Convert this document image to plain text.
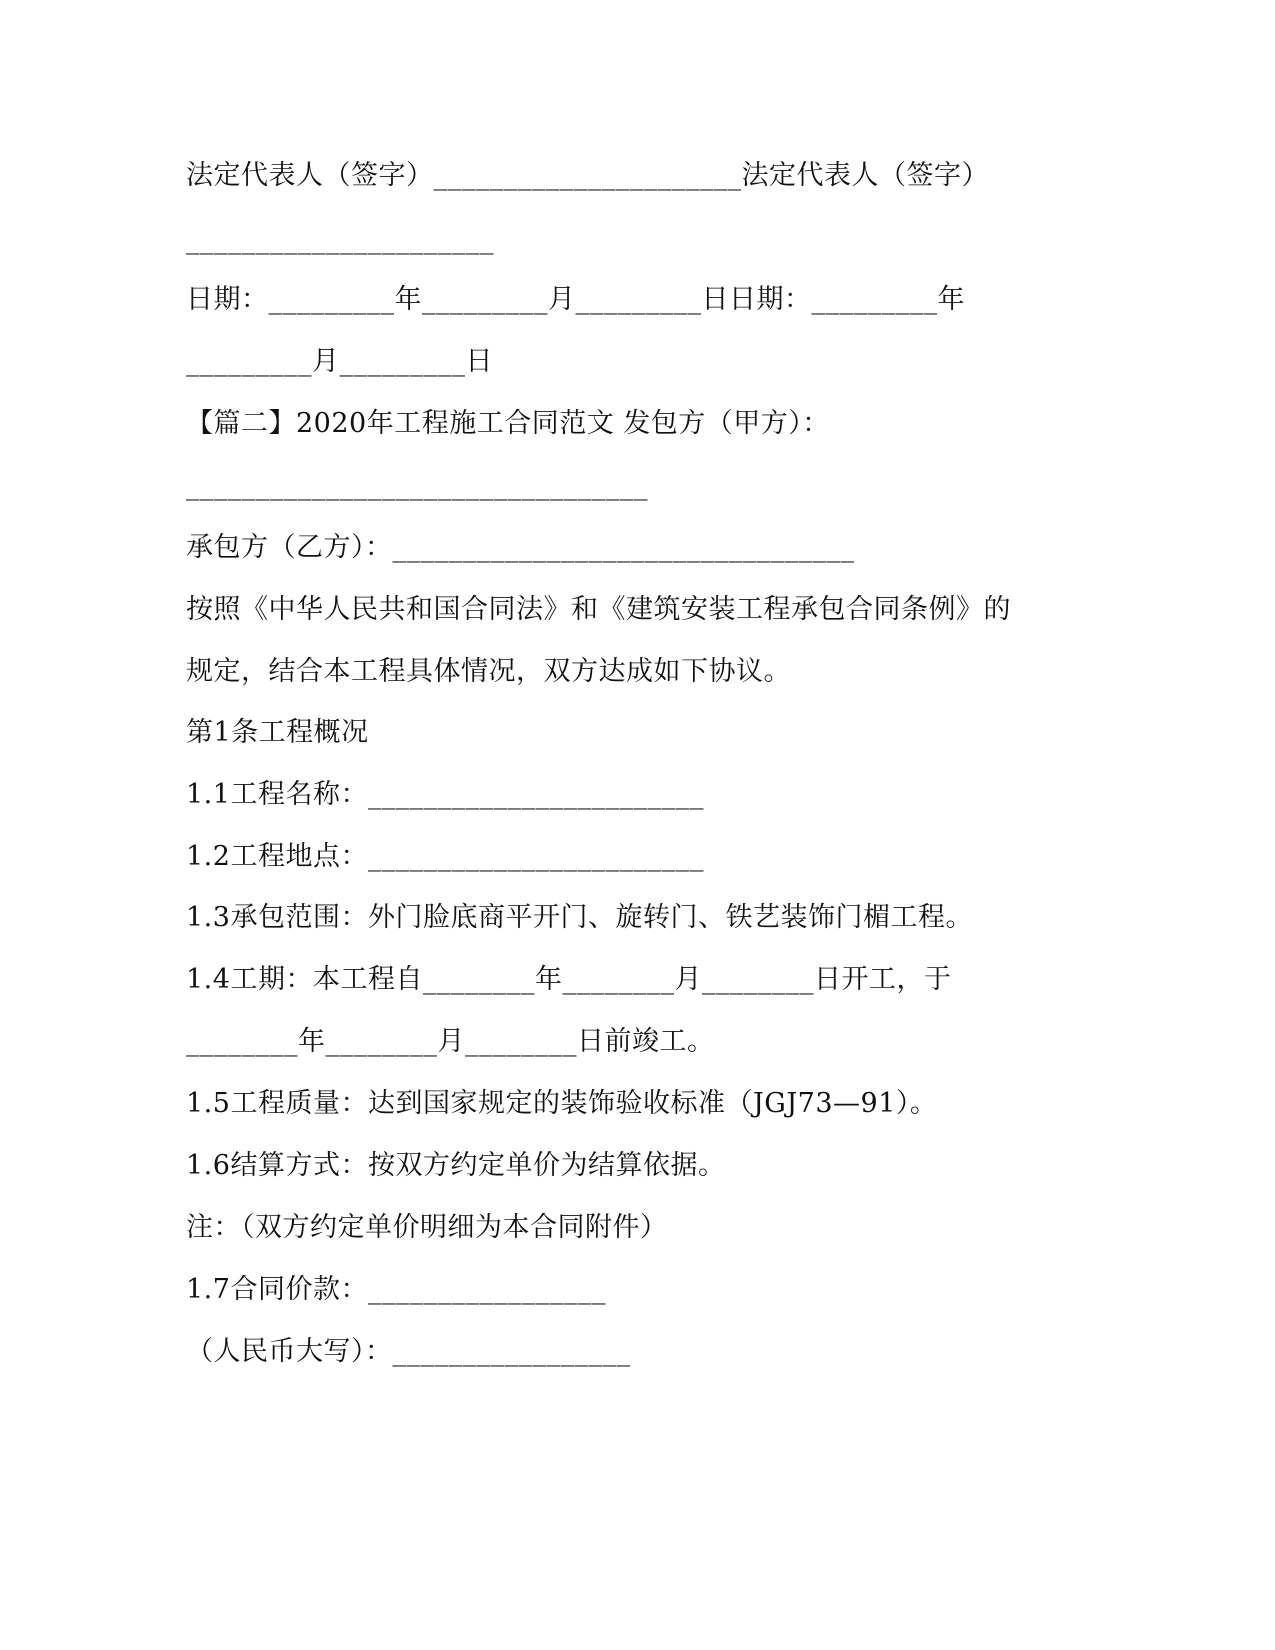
法定代表人（签字）______________________法定代表人（签字）
______________________
日期：_________年_________月_________日日期：_________年
_________月_________日
【篇二】2020年工程施工合同范文 发包方（甲方）：
_________________________________
承包方（乙方）：_________________________________
按照《中华人民共和国合同法》和《建筑安装工程承包合同条例》的
规定，结合本工程具体情况，双方达成如下协议。
第1条工程概况
1.1工程名称：________________________
1.2工程地点：________________________
1.3承包范围：外门脸底商平开门、旋转门、铁艺装饰门楣工程。
1.4工期：本工程自________年________月________日开工，于
________年________月________日前竣工。
1.5工程质量：达到国家规定的装饰验收标准（JGJ73—91）。
1.6结算方式：按双方约定单价为结算依据。
注：（双方约定单价明细为本合同附件）
1.7合同价款：_________________
（人民币大写）：_________________
